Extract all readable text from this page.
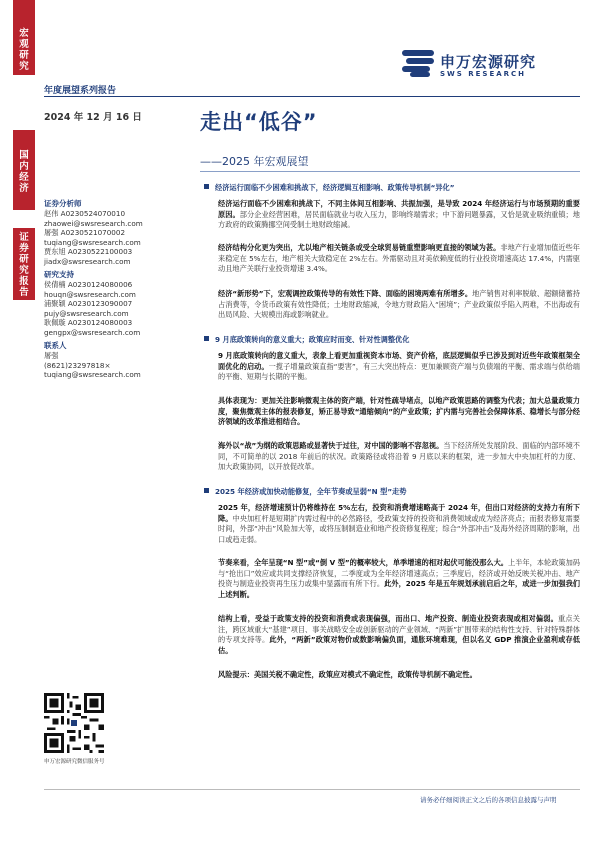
宏观研究
国内经济
证券研究报告
申万宏源研究
SWS RESEARCH
年度展望系列报告
2024 年 12 月 16 日	走出“低谷”
——2025 年宏观展望
证券分析师
赵伟 A0230524070010
zhaowei@swsresearch.com
屠强 A0230521070002
tuqiang@swsresearch.com
贾东旭 A0230522100003
jiadx@swsresearch.com
研究支持
侯倩楠 A0230124080006
houqn@swsresearch.com
浦聚颖 A0230123090007
pujy@swsresearch.com
耿佩璇 A0230124080003
gengpx@swsresearch.com
联系人
屠强
(8621)23297818×
tuqiang@swsresearch.com
经济运行面临不少困难和挑战下，经济逻辑互相影响、政策传导机制“异化”
经济运行面临不少困难和挑战下，不同主体间互相影响、共振加强，是导致 2024 年经济运行与市场预期的重要原因。部分企业经营困难，居民面临就业与收入压力，影响终端需求；中下游问题暴露，又恰是就业吸纳重镇；地方政府的政策腾挪空间受制土地财政缩减。
经济结构分化更为突出，尤以地产相关链条或受全球贸易链重塑影响更直接的领域为甚。非地产行业增加值近些年来稳定在 5%左右，地产相关大致稳定在 2%左右。外需驱动且对美依赖度低的行业投资增速高达 17.4%，内需驱动且地产关联行业投资增速 3.4%。
经济“新形势”下，宏观调控政策传导的有效性下降、面临的困境两难有所增多。地产销售对利率脱敏、超额储蓄持占消费等，令货币政策有效性降低；土地财政缩减，令地方财政陷入“困境”；产业政策似乎陷入两难，不出海或有出局风险、大规模出海或影响就业。
9 月底政策转向的意义重大；政策应时而变、针对性调整优化
9 月底政策转向的意义重大，表象上看更加重视资本市场、资产价格，底层逻辑似乎已涉及到对近些年政策框架全面优化的启动。一揽子增量政策直指“要害”，有三大突出特点：更加兼顾资产端与负债端的平衡、需求端与供给端的平衡、短期与长期的平衡。
具体表现为：更加关注影响微观主体的资产端，针对性疏导堵点，以地产政策思路的调整为代表；加大总量政策力度，聚焦微观主体的报表修复，矫正易导致“通缩倾向”的产业政策；扩内需与完善社会保障体系、稳增长与部分经济领域的改革推进相结合。
海外以“战”为纲的政策思路或显著快于过往，对中国的影响不容忽视。当下经济所处发展阶段、面临的内部环境不同，不可简单的以 2018 年前后的状况。政策路径或将沿着 9 月底以来的框架，进一步加大中央加杠杆的力度、加大政策协同，以开放促改革。
2025 年经济或加快动能修复，全年节奏或呈弱“N 型”走势
2025 年，经济增速预计仍将维持在 5%左右，投资和消费增速略高于 2024 年，但出口对经济的支持力有所下降。中央加杠杆是短期扩内需过程中的必然路径，受政策支持的投资和消费领域或成为经济亮点；而报表修复需要时间，外部“冲击”风险加大等，或将压制制造业和地产投资修复程度；综合“外部冲击”及海外经济周期的影响，出口或趋走弱。
节奏来看，全年呈现“N 型”或“倒 V 型”的概率较大，单季增速的相对起伏可能没那么大。上半年，本轮政策加码与“抢出口”效应或共同支撑经济恢复，二季度或为全年经济增速高点；三季度后，经济或开始反映关税冲击、地产投资与制造业投资再生压力或集中显露而有所下行。此外，2025 年是五年规划承前启后之年，或进一步加强我们上述判断。
结构上看，受益于政策支持的投资和消费或表现偏强，而出口、地产投资、制造业投资表现或相对偏弱。重点关注，跨区域重大“基建”项目、事关战略安全或创新驱动的产业领域、“两新”扩围带来的结构性支持、针对特殊群体的专项支持等。此外，“两新”政策对物价或数影响偏负面，通胀环境难现，但以名义 GDP 推演企业盈利或存低估。
风险提示：美国关税不确定性，政策应对模式不确定性，政策传导机制不确定性。
申万宏源研究微信服务号
请务必仔细阅读正文之后的各项信息披露与声明
